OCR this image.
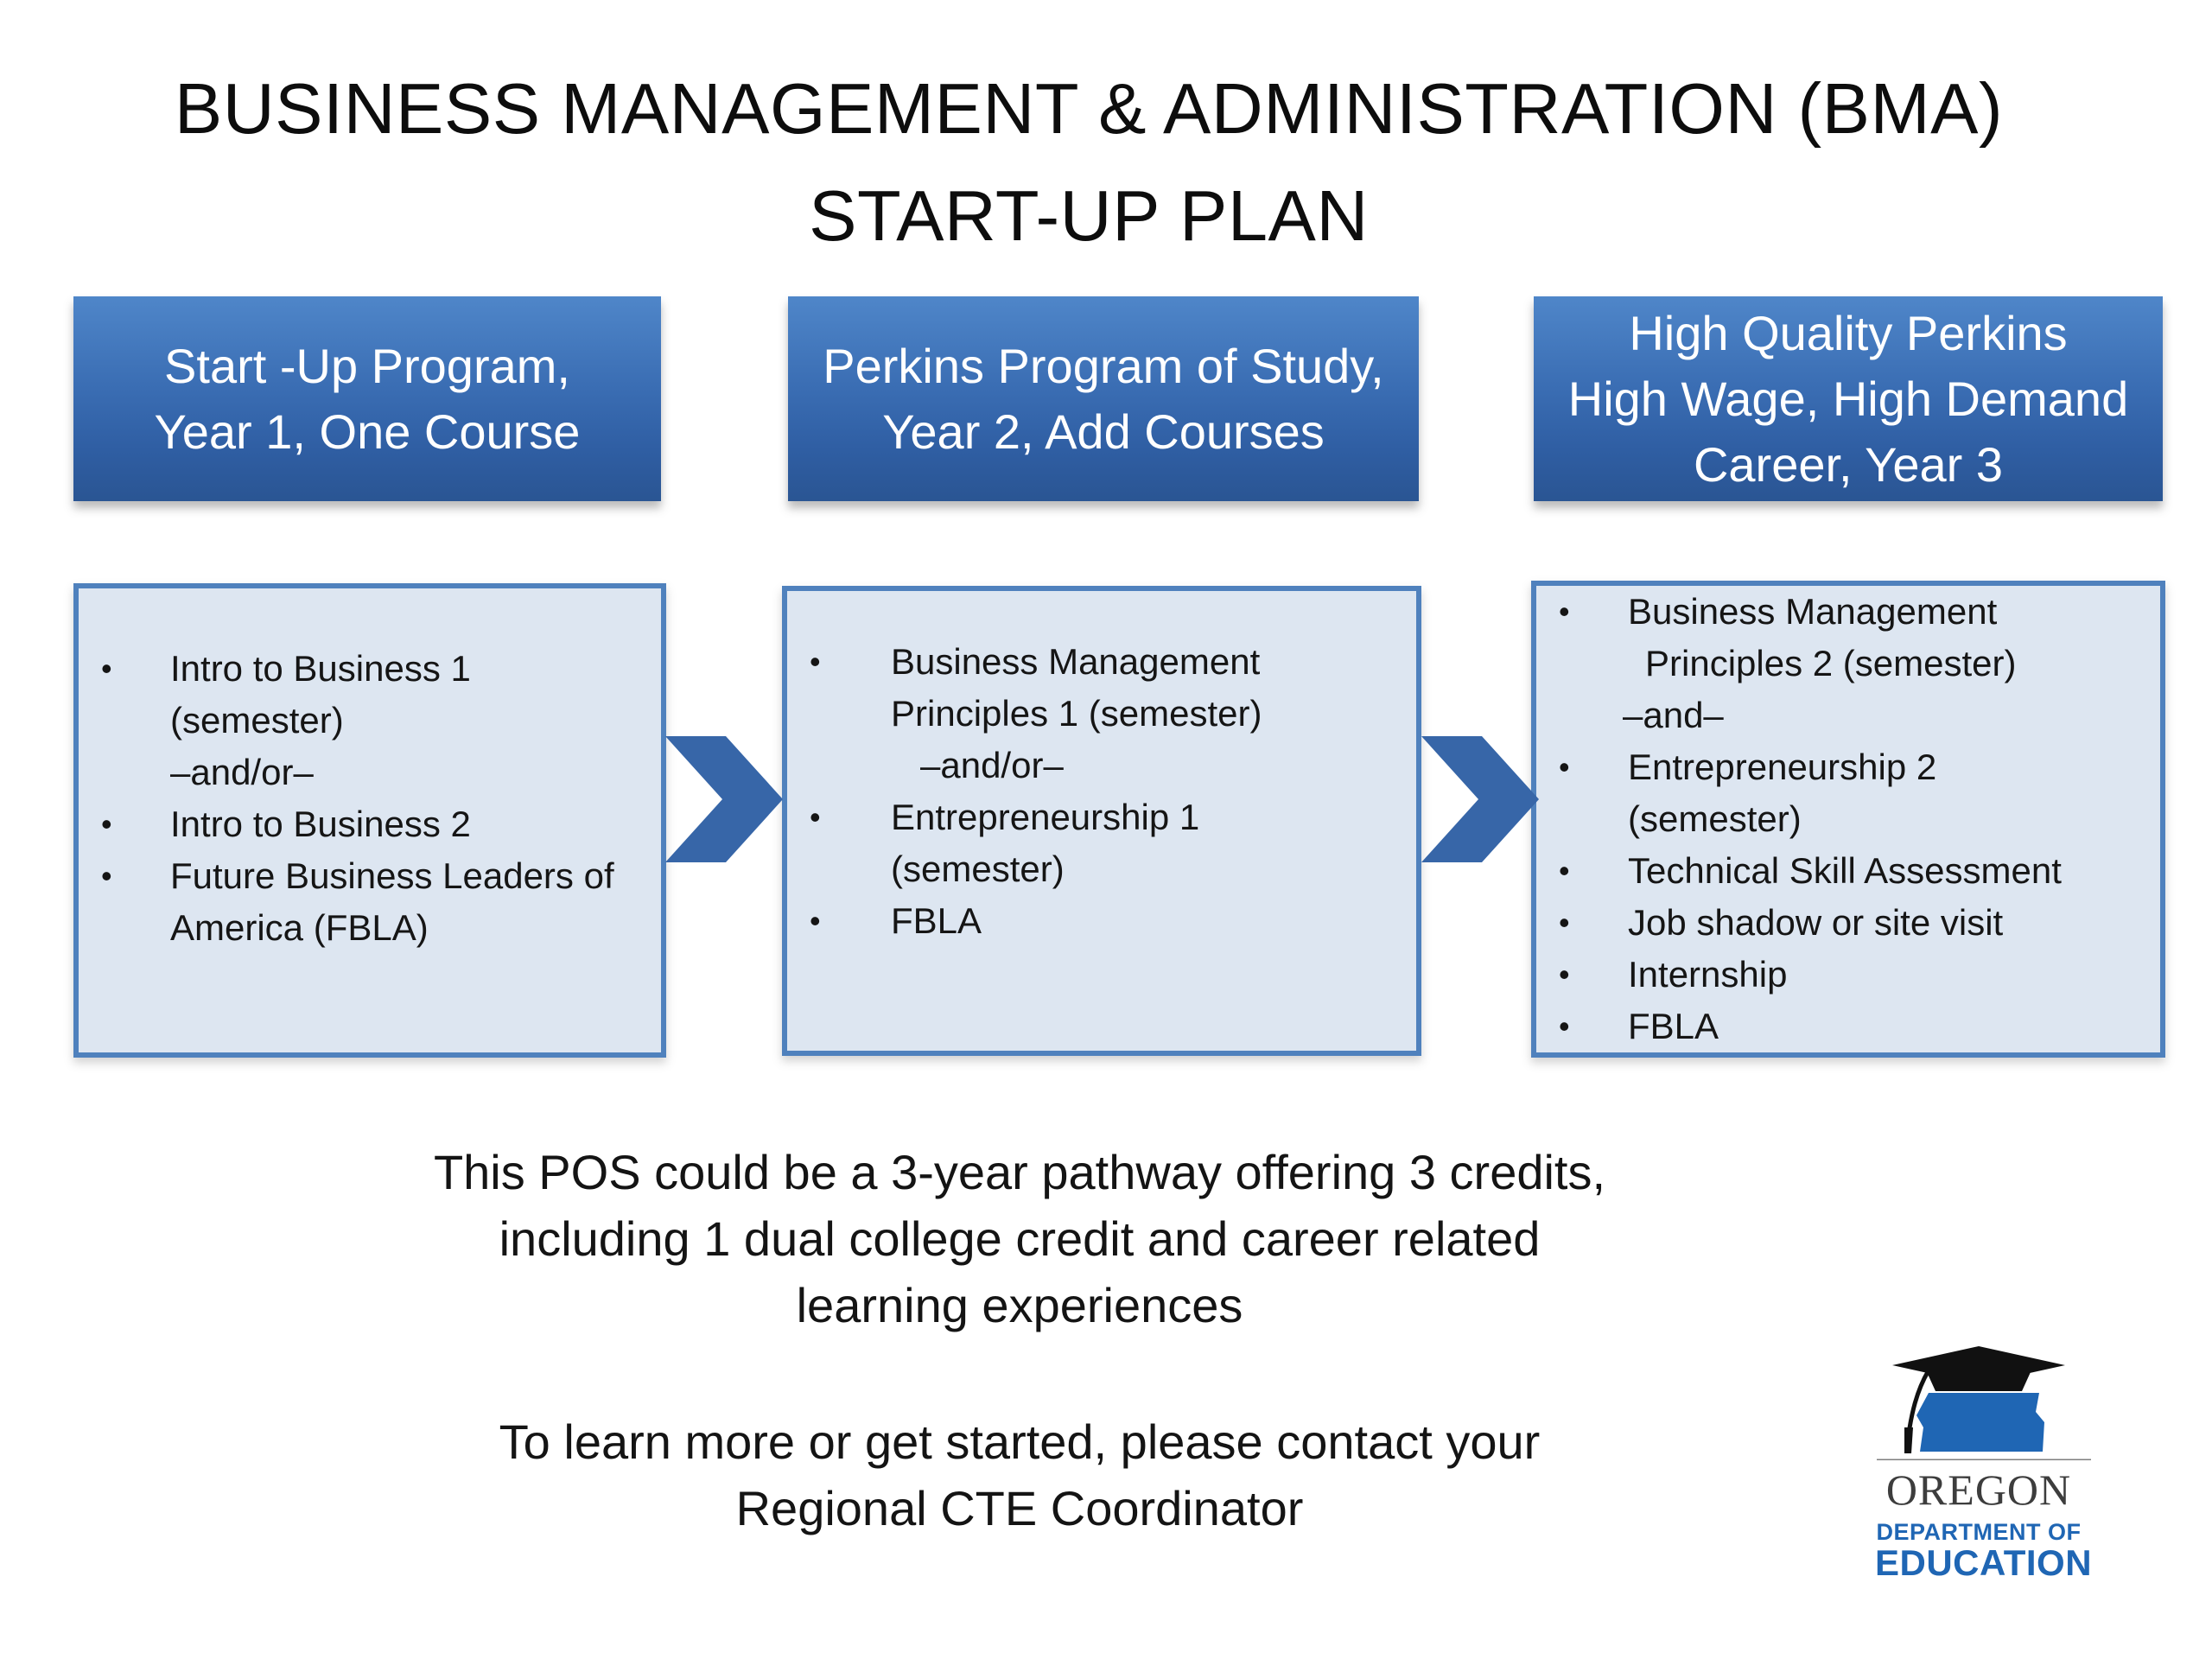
BUSINESS MANAGEMENT & ADMINISTRATION (BMA)
START-UP PLAN
Start -Up Program,
Year 1, One Course
Perkins Program of Study,
Year 2, Add Courses
High Quality Perkins
High Wage, High Demand
Career, Year 3
• Intro to Business 1
(semester)
–and/or–
• Intro to Business 2
• Future Business Leaders of
America (FBLA)
• Business Management
Principles 1 (semester)
–and/or–
• Entrepreneurship 1
(semester)
• FBLA
• Business Management
Principles 2 (semester)
–and–
• Entrepreneurship 2
(semester)
• Technical Skill Assessment
• Job shadow or site visit
• Internship
• FBLA
This POS could be a 3-year pathway offering 3 credits,
including 1 dual college credit and career related
learning experiences
To learn more or get started, please contact your
Regional CTE Coordinator	OREGON
DEPARTMENT OF
EDUCATION
